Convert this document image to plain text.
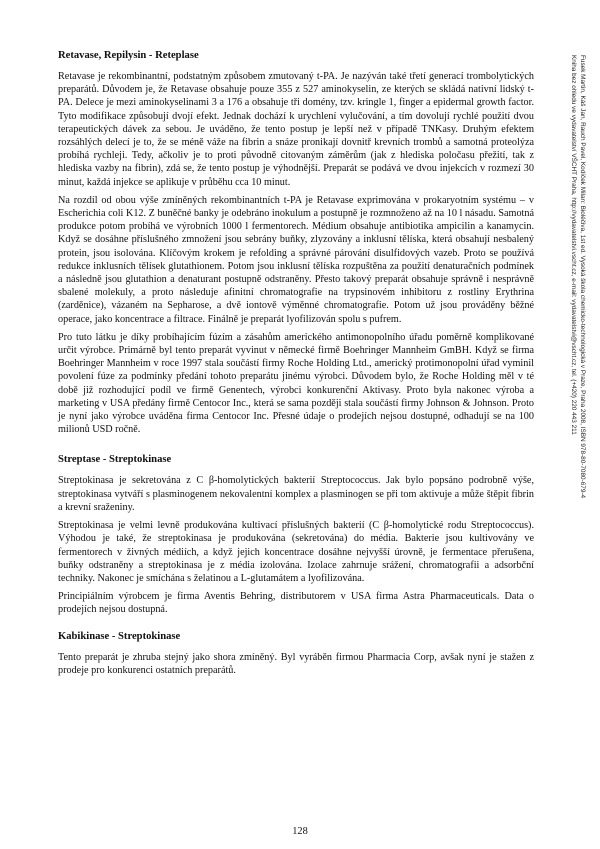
Retavase, Repilysin - Reteplase

Retavase je rekombinantní, podstatným způsobem zmutovaný t-PA. Je nazýván také třetí generací trombolytických preparátů. Důvodem je, že Retavase obsahuje pouze 355 z 527 aminokyselin, ze kterých se skládá nativní lidský t-PA. Delece je mezi aminokyselinami 3 a 176 a obsahuje tři domény, tzv. kringle 1, finger a epidermal growth factor. Tyto modifikace způsobují dvojí efekt. Jednak dochází k urychlení vylučování, a tím dovolují rychlé použití dvou terapeutických dávek za sebou. Je uváděno, že tento postup je lepší než v případě TNKasy. Druhým efektem rozsáhlých delecí je to, že se méně váže na fibrin a snáze pronikají dovnitř krevních trombů a samotná proteolýza probíhá rychleji. Tedy, ačkoliv je to proti původně citovaným záměrům (jak z hlediska poločasu přežití, tak z hlediska vazby na fibrin), zdá se, že tento postup je výhodnější. Preparát se podává ve dvou injekcích v rozmezí 30 minut, každá injekce se aplikuje v průběhu cca 10 minut.

Na rozdíl od obou výše zmíněných rekombinantních t-PA je Retavase exprimována v prokaryotním systému – v Escherichia coli K12. Z buněčné banky je odebráno inokulum a postupně je rozmnoženo až na 10 l násadu. Samotná produkce potom probíhá ve výrobních 1000 l fermentorech. Médium obsahuje antibiotika ampicilin a kanamycin. Když se dosáhne příslušného zmnožení jsou sebrány buňky, zlyzovány a inklusní tělíska, která obsahují nesbalený protein, jsou isolována. Klíčovým krokem je refolding a správné párování disulfidových vazeb. Proto se používá redukce inklusních tělísek glutathionem. Potom jsou inklusní tělíska rozpuštěna za použití denaturačních podmínek a následně jsou glutathion a denaturant postupně odstraněny. Přesto takový preparát obsahuje správně i nesprávně sbalené molekuly, a proto následuje afinitní chromatografie na trypsinovém inhibitoru z rostliny Erythrina (zarděnice), vázaném na Sepharose, a dvě iontově výměnné chromatografie. Potom už jsou prováděny běžné operace, jako koncentrace a filtrace. Finálně je preparát lyofilizován spolu s pufrem.

Pro tuto látku je díky probíhajícím fúzím a zásahům amerického antimonopolního úřadu poměrně komplikované určit výrobce. Primárně byl tento preparát vyvinut v německé firmě Boehringer Mannheim GmBH. Když se firma Boehringer Mannheim v roce 1997 stala součástí firmy Roche Holding Ltd., americký protimonopolní úřad vyminil povolení fúze za podmínky předání tohoto preparátu jinému výrobci. Důvodem bylo, že Roche Holding měl v té době již rozhodující podíl ve firmě Genentech, výrobci konkurenční Aktivasy. Proto byla nakonec výroba a marketing v USA předány firmě Centocor Inc., která se sama později stala součástí firmy Johnson & Johnson. Proto je nyní jako výrobce uváděna firma Centocor Inc. Přesné údaje o prodejích nejsou dostupné, odhadují se na 100 milionů USD ročně.

Streptase - Streptokinase

Streptokinasa je sekretována z C β-homolytických bakterií Streptococcus. Jak bylo popsáno podrobně výše, streptokinasa vytváří s plasminogenem nekovalentní komplex a plasminogen se při tom aktivuje a může štěpit fibrin a krevní sraženiny.

Streptokinasa je velmi levně produkována kultivací příslušných bakterií (C β-homolytické rodu Streptococcus). Výhodou je také, že streptokinasa je produkována (sekretována) do média. Bakterie jsou kultivovány ve fermentorech v živných médiích, a když jejich koncentrace dosáhne nejvyšší úrovně, je fermentace přerušena, buňky odstraněny a streptokinasa je z média izolována. Izolace zahrnuje srážení, chromatografii a adsorbční techniky. Nakonec je smíchána s želatinou a L-glutamátem a lyofilizována.

Principiálním výrobcem je firma Aventis Behring, distributorem v USA firma Astra Pharmaceuticals. Data o prodejích nejsou dostupná.

Kabikinase - Streptokinase

Tento preparát je zhruba stejný jako shora zmíněný. Byl vyráběn firmou Pharmacia Corp, avšak nyní je stažen z prodeje pro konkurenci ostatních preparátů.

128
Fusek Martin, Káš Jan, Rauch Pavel, Kodíček Milan: Bioléčiva, 1st ed. Vysoká škola chemicko-technologická v Praze, Praha 2008, ISBN 978-80-7080-679-4
Kniha bez ohledu ve vydavatelství VŠCHT Praha, http://vydavatelstvi.vscht.cz, e-mail: vydavatelstvi@vscht.cz, tel. (+420) 220 443 211
